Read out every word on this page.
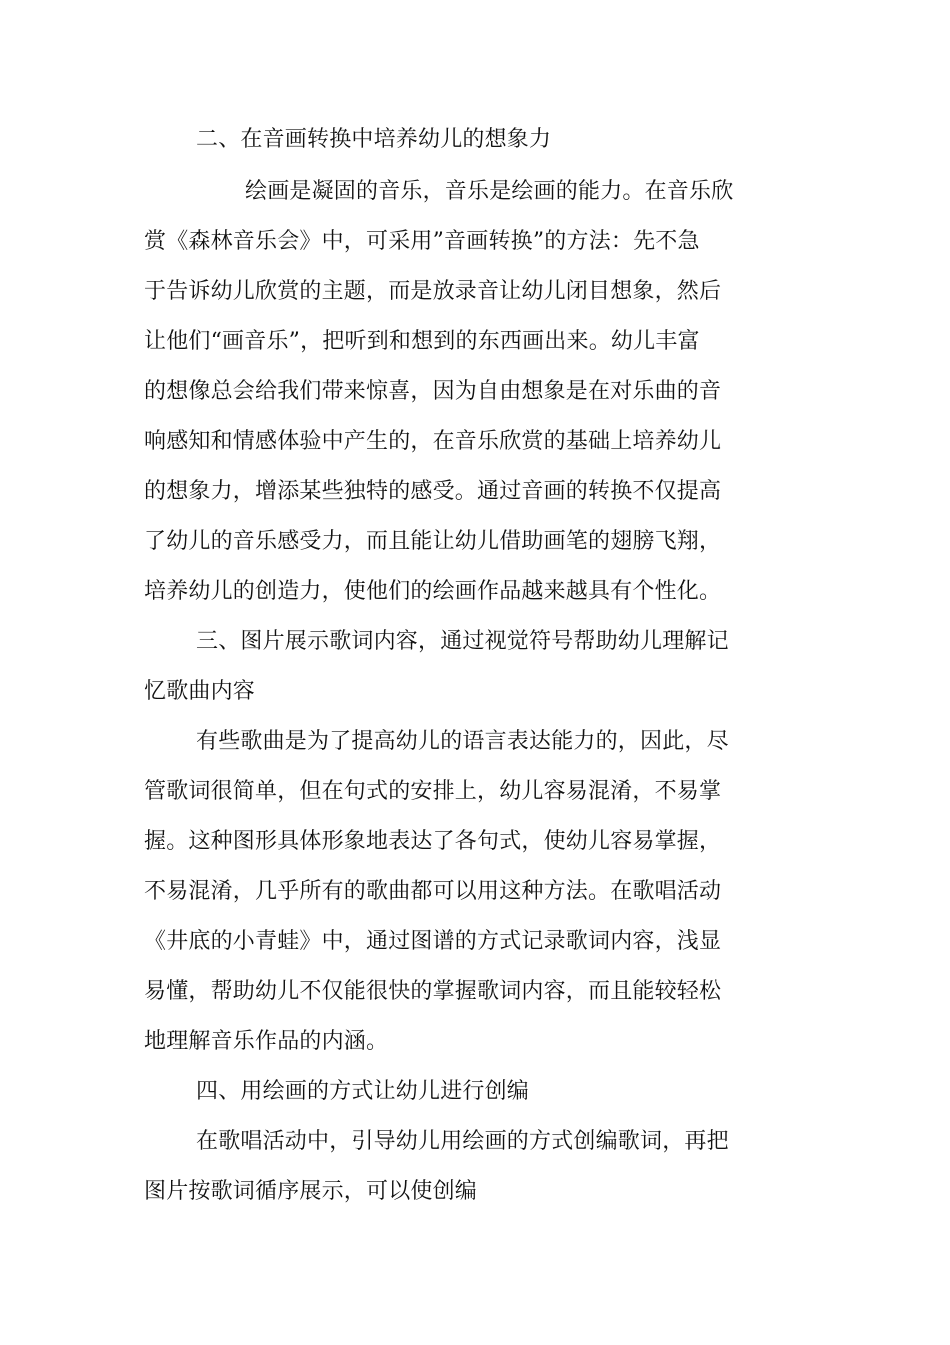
二、在音画转换中培养幼儿的想象力
绘画是凝固的音乐，音乐是绘画的能力。在音乐欣
赏《森林音乐会》中，可采用”音画转换”的方法：先不急
于告诉幼儿欣赏的主题，而是放录音让幼儿闭目想象，然后
让他们“画音乐”，把听到和想到的东西画出来。幼儿丰富
的想像总会给我们带来惊喜，因为自由想象是在对乐曲的音
响感知和情感体验中产生的，在音乐欣赏的基础上培养幼儿
的想象力，增添某些独特的感受。通过音画的转换不仅提高
了幼儿的音乐感受力，而且能让幼儿借助画笔的翅膀飞翔，
培养幼儿的创造力，使他们的绘画作品越来越具有个性化。
三、图片展示歌词内容，通过视觉符号帮助幼儿理解记
忆歌曲内容
有些歌曲是为了提高幼儿的语言表达能力的，因此，尽
管歌词很简单，但在句式的安排上，幼儿容易混淆，不易掌
握。这种图形具体形象地表达了各句式，使幼儿容易掌握，
不易混淆，几乎所有的歌曲都可以用这种方法。在歌唱活动
《井底的小青蛙》中，通过图谱的方式记录歌词内容，浅显
易懂，帮助幼儿不仅能很快的掌握歌词内容，而且能较轻松
地理解音乐作品的内涵。
四、用绘画的方式让幼儿进行创编
在歌唱活动中，引导幼儿用绘画的方式创编歌词，再把
图片按歌词循序展示，可以使创编
